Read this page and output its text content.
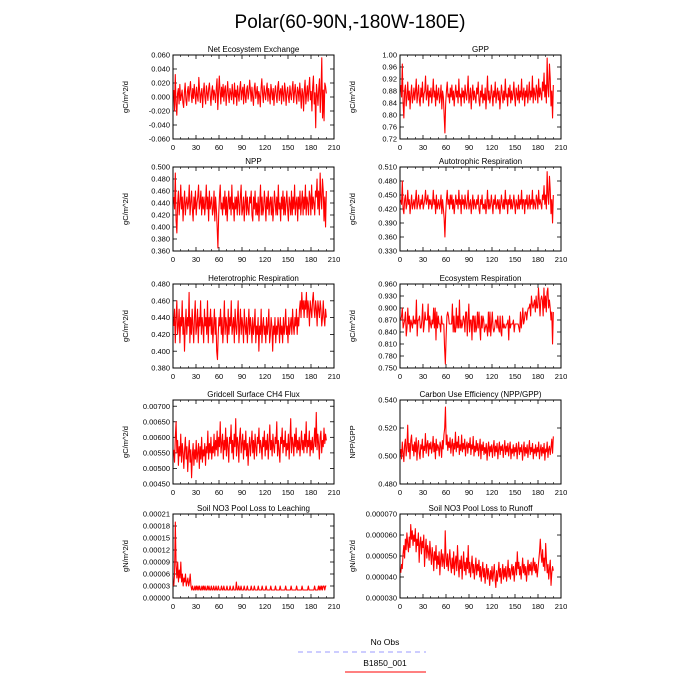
Polar(60-90N,-180W-180E)
Net Ecosystem Exchange
0 30 60 90 120 150 180 210
-0.060
-0.040
-0.020
0.000
0.020
0.040
0.060
gC/m^2/d
GPP
0 30 60 90 120 150 180 210
0.72
0.76
0.80
0.84
0.88
0.92
0.96
1.00
gC/m^2/d
NPP
0 30 60 90 120 150 180 210
0.360
0.380
0.400
0.420
0.440
0.460
0.480
0.500
gC/m^2/d
Autotrophic Respiration
0 30 60 90 120 150 180 210
0.330
0.360
0.390
0.420
0.450
0.480
0.510
gC/m^2/d
Heterotrophic Respiration
0 30 60 90 120 150 180 210
0.380
0.400
0.420
0.440
0.460
0.480
gC/m^2/d
Ecosystem Respiration
0 30 60 90 120 150 180 210
0.750
0.780
0.810
0.840
0.870
0.900
0.930
0.960
gC/m^2/d
Gridcell Surface CH4 Flux
0 30 60 90 120 150 180 210
0.00450
0.00500
0.00550
0.00600
0.00650
0.00700
gC/m^2/d
Carbon Use Efficiency (NPP/GPP)
0 30 60 90 120 150 180 210
0.480
0.500
0.520
0.540
NPP/GPP
Soil NO3 Pool Loss to Leaching
0 30 60 90 120 150 180 210
0.00000
0.00003
0.00006
0.00009
0.00012
0.00015
0.00018
0.00021
gN/m^2/d
Soil NO3 Pool Loss to Runoff
0 30 60 90 120 150 180 210
0.000030
0.000040
0.000050
0.000060
0.000070
gN/m^2/d
No Obs
B1850_001
